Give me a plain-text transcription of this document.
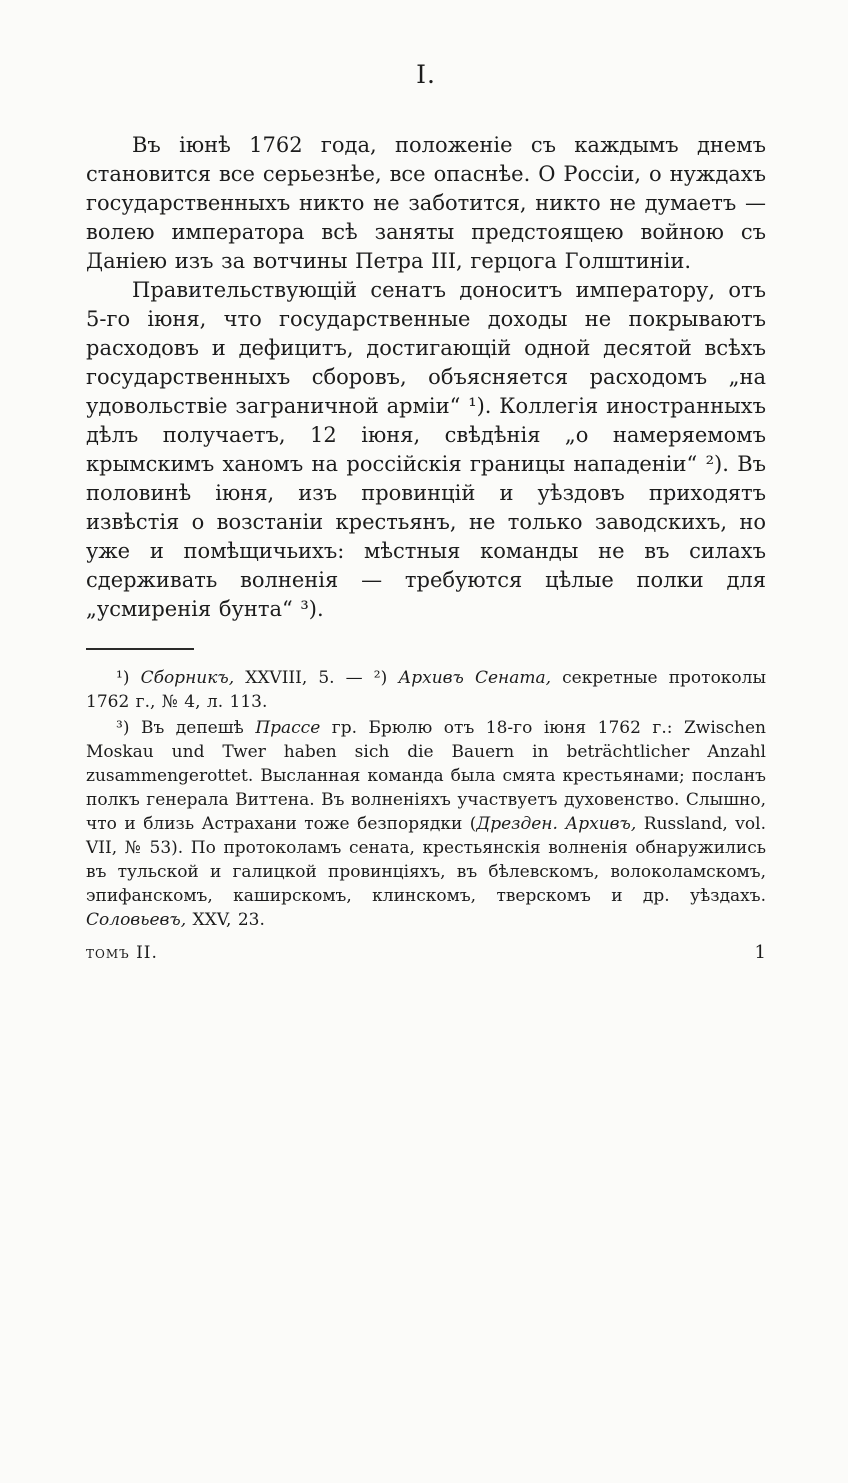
I.

Въ іюнѣ 1762 года, положеніе съ каждымъ днемъ становится все серьезнѣе, все опаснѣе. О Россіи, о нуждахъ государственныхъ никто не заботится, никто не думаетъ — волею императора всѣ заняты предстоящею войною съ Даніею изъ за вотчины Петра III, герцога Голштиніи.

Правительствующій сенатъ доноситъ императору, отъ 5-го іюня, что государственные доходы не покрываютъ расходовъ и дефицитъ, достигающій одной десятой всѣхъ государственныхъ сборовъ, объясняется расходомъ „на удовольствіе заграничной арміи“ ¹). Коллегія иностранныхъ дѣлъ получаетъ, 12 іюня, свѣдѣнія „о намеряемомъ крымскимъ ханомъ на россійскія границы нападеніи“ ²). Въ половинѣ іюня, изъ провинцій и уѣздовъ приходятъ извѣстія о возстаніи крестьянъ, не только заводскихъ, но уже и помѣщичьихъ: мѣстныя команды не въ силахъ сдерживать волненія — требуются цѣлые полки для „усмиренія бунта“ ³).

¹) Сборникъ, XXVIII, 5. — ²) Архивъ Сената, секретные протоколы 1762 г., № 4, л. 113.

³) Въ депешѣ Прассе гр. Брюлю отъ 18-го іюня 1762 г.: Zwischen Moskau und Twer haben sich die Bauern in beträchtlicher Anzahl zusammengerottet. Высланная команда была смята крестьянами; посланъ полкъ генерала Виттена. Въ волненіяхъ участвуетъ духовенство. Слышно, что и близь Астрахани тоже безпорядки (Дрезден. Архивъ, Russland, vol. VII, № 53). По протоколамъ сената, крестьянскія волненія обнаружились въ тульской и галицкой провинціяхъ, въ бѣлевскомъ, волоколамскомъ, эпифанскомъ, каширскомъ, клинскомъ, тверскомъ и др. уѣздахъ. Соловьевъ, XXV, 23.

томъ II.	1
